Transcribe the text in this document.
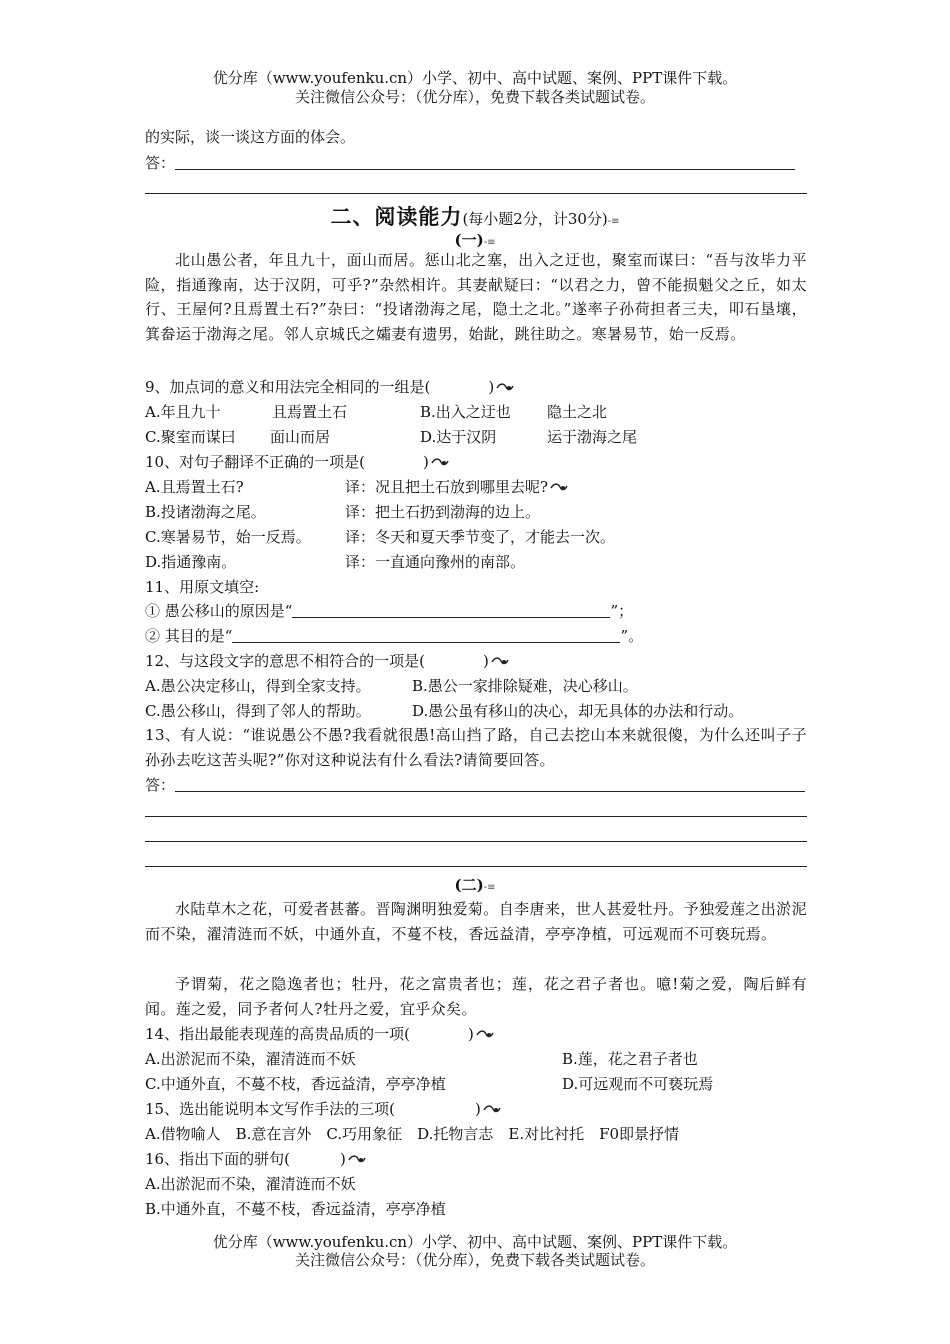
优分库（www.youfenku.cn）小学、初中、高中试题、案例、PPT课件下载。
关注微信公众号：（优分库），免费下载各类试题试卷。
的实际，谈一谈这方面的体会。
答：
二、阅读能力(每小题2分，计30分)-≡
(一)-≡
北山愚公者，年且九十，面山而居。惩山北之塞，出入之迂也，聚室而谋曰：“吾与汝毕力平险，指通豫南，达于汉阴，可乎?”杂然相许。其妻献疑曰：“以君之力，曾不能损魁父之丘，如太行、王屋何?且焉置土石?”杂曰：“投诸渤海之尾，隐土之北。”遂率子孙荷担者三夫，叩石垦壤，箕畚运于渤海之尾。邻人京城氏之孀妻有遗男，始龀，跳往助之。寒暑易节，始一反焉。
9、加点词的意义和用法完全相同的一组是(	)
A.年且九十	且焉置土石	B.出入之迂也 隐土之北
C.聚室而谋曰 面山而居	D.达于汉阴	运于渤海之尾
10、对句子翻译不正确的一项是(	)
A.且焉置土石?	译：况且把土石放到哪里去呢?
B.投诸渤海之尾。	译：把土石扔到渤海的边上。
C.寒暑易节，始一反焉。 译：冬天和夏天季节变了，才能去一次。
D.指通豫南。	译：一直通向豫州的南部。
11、用原文填空:
① 愚公移山的原因是“	”；
② 其目的是“	”。
12、与这段文字的意思不相符合的一项是(	)
A.愚公决定移山，得到全家支持。	B.愚公一家排除疑难，决心移山。
C.愚公移山，得到了邻人的帮助。	D.愚公虽有移山的决心，却无具体的办法和行动。
13、有人说：“谁说愚公不愚?我看就很愚!高山挡了路，自己去挖山本来就很傻，为什么还叫子子孙孙去吃这苦头呢?”你对这种说法有什么看法?请简要回答。
答：
(二)-≡
水陆草木之花，可爱者甚蕃。晋陶渊明独爱菊。自李唐来，世人甚爱牡丹。予独爱莲之出淤泥而不染，濯清涟而不妖，中通外直，不蔓不枝，香远益清，亭亭净植，可远观而不可亵玩焉。
予谓菊，花之隐逸者也；牡丹，花之富贵者也；莲，花之君子者也。噫!菊之爱，陶后鲜有闻。莲之爱，同予者何人?牡丹之爱，宜乎众矣。
14、指出最能表现莲的高贵品质的一项(	)
A.出淤泥而不染，濯清涟而不妖	B.莲，花之君子者也
C.中通外直，不蔓不枝，香远益清，亭亭净植	D.可远观而不可亵玩焉
15、选出能说明本文写作手法的三项(	)
A.借物喻人　B.意在言外　C.巧用象征　D.托物言志　E.对比衬托　F0即景抒情
16、指出下面的骈句(	)
A.出淤泥而不染，濯清涟而不妖
B.中通外直，不蔓不枝，香远益清，亭亭净植
优分库（www.youfenku.cn）小学、初中、高中试题、案例、PPT课件下载。
关注微信公众号：（优分库），免费下载各类试题试卷。
